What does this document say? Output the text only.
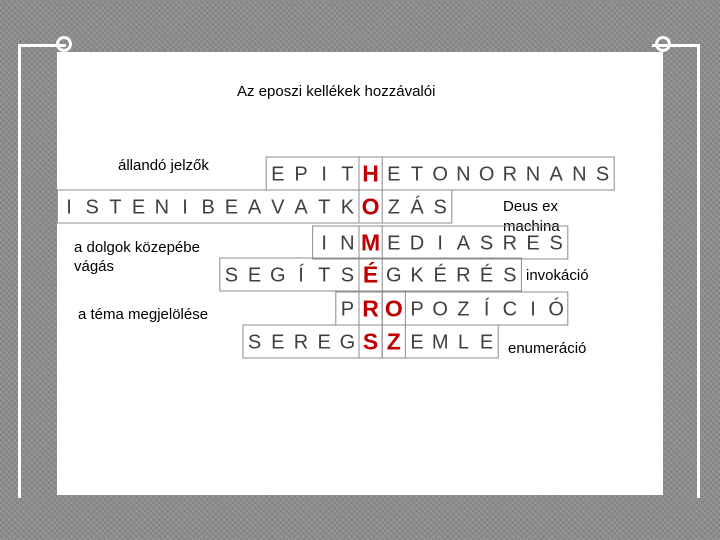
Az eposzi kellékek hozzávalói
állandó jelzők
a dolgok közepébe
vágás
a téma megjelölése
Deus ex
machina
invokáció
enumeráció
E P I T H E T O N O R N A N S
I S T E N I B E A V A T K O Z Á S
I N M E D I A S R E S
S E G Í T S É G K É R É S
P R O P O Z Í C I Ó
S E R E G S Z E M L E
